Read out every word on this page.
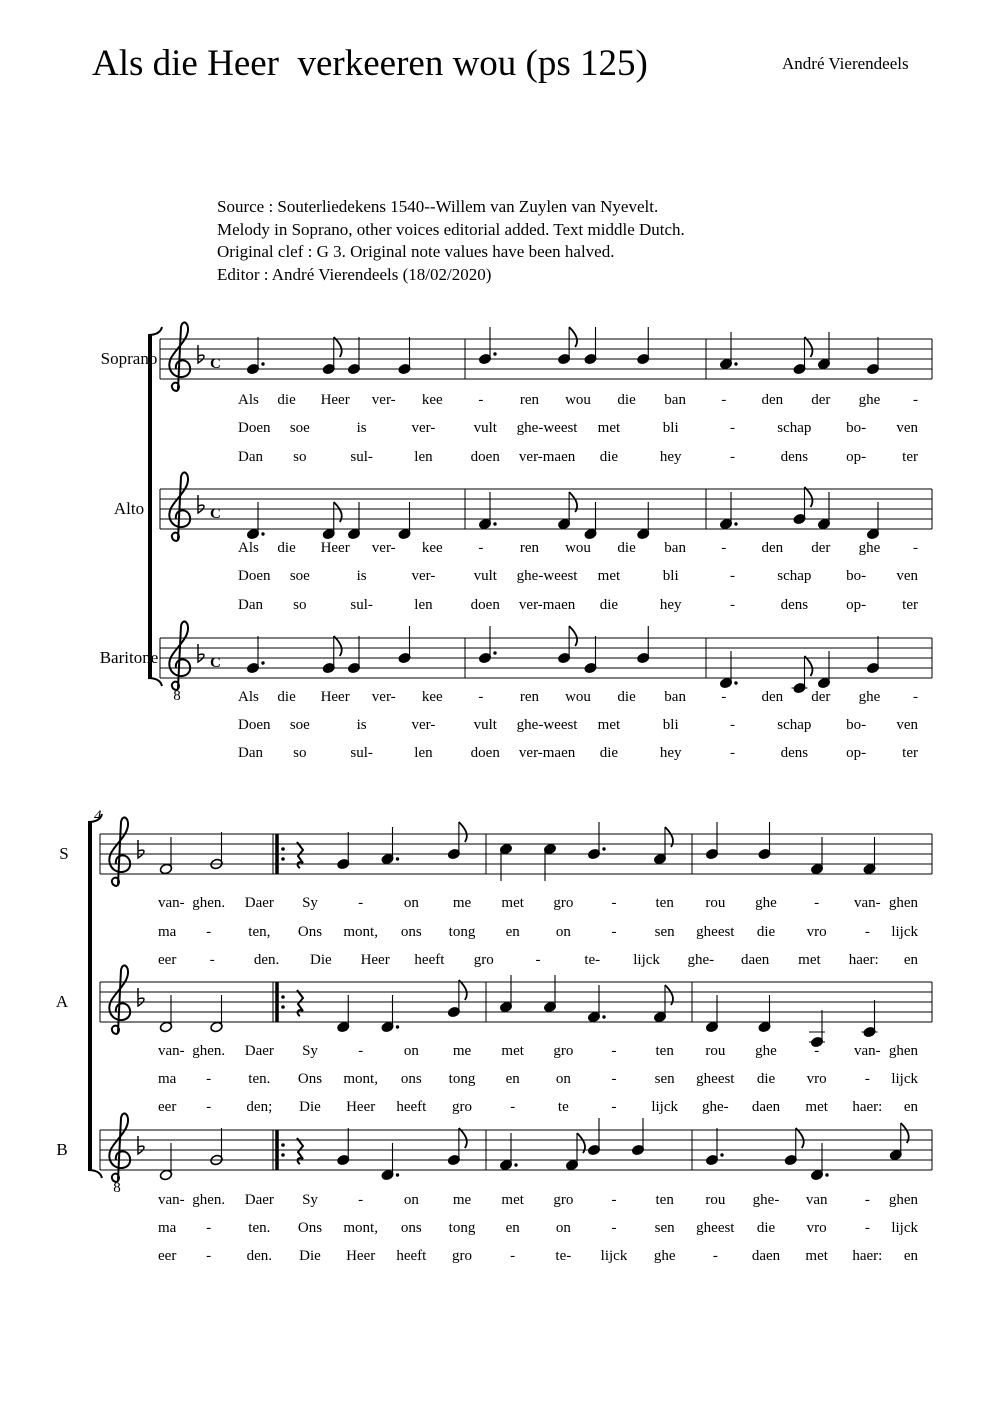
Als die Heer  verkeeren wou (ps 125)	André Vierendeels
Source : Souterliedekens 1540--Willem van Zuylen van Nyevelt.
Melody in Soprano, other voices editorial added. Text middle Dutch.
Original clef : G 3. Original note values have been halved.
Editor : André Vierendeels (18/02/2020)
Soprano	C
Als die Heer ver- kee - ren wou die ban - den der ghe -
Doen soe	is	ver-	vult ghe-weest met	bli	-	schap bo- ven
Dan so	sul-	len	doen ver-maen die	hey	-	dens	op- ter
Alto	C
Als die Heer ver- kee - ren wou die ban - den der ghe -
Doen soe	is	ver-	vult ghe-weest met	bli	-	schap bo- ven
Dan so	sul-	len	doen ver-maen die	hey	-	dens	op- ter
Baritone
8
C
Als die Heer ver- kee - ren wou die ban - den der ghe -
Doen soe	is	ver-	vult ghe-weest met	bli	-	schap bo- ven
Dan so	sul-	len	doen ver-maen die	hey	-	dens	op- ter
4
S
van- ghen. Daer Sy	-	on me met gro	-	ten rou ghe - van- ghen
ma - ten, Ons mont, ons tong en on	-	sen gheest die vro	- lijck
eer -	den. Die Heer heeft gro	-	te- lijck ghe- daen met haer: en
A
van- ghen. Daer Sy	-	on me met gro	-	ten rou ghe - van- ghen
ma - ten. Ons mont, ons tong en on	-	sen gheest die vro	- lijck
eer - den; Die Heer heeft gro	-	te	- lijck ghe- daen met haer: en
B
8
van- ghen. Daer Sy	-	on me met gro	-	ten rou ghe- van - ghen
ma - ten. Ons mont, ons tong en on	-	sen gheest die vro	- lijck
eer - den. Die Heer heeft gro	-	te- lijck ghe - daen met haer: en
